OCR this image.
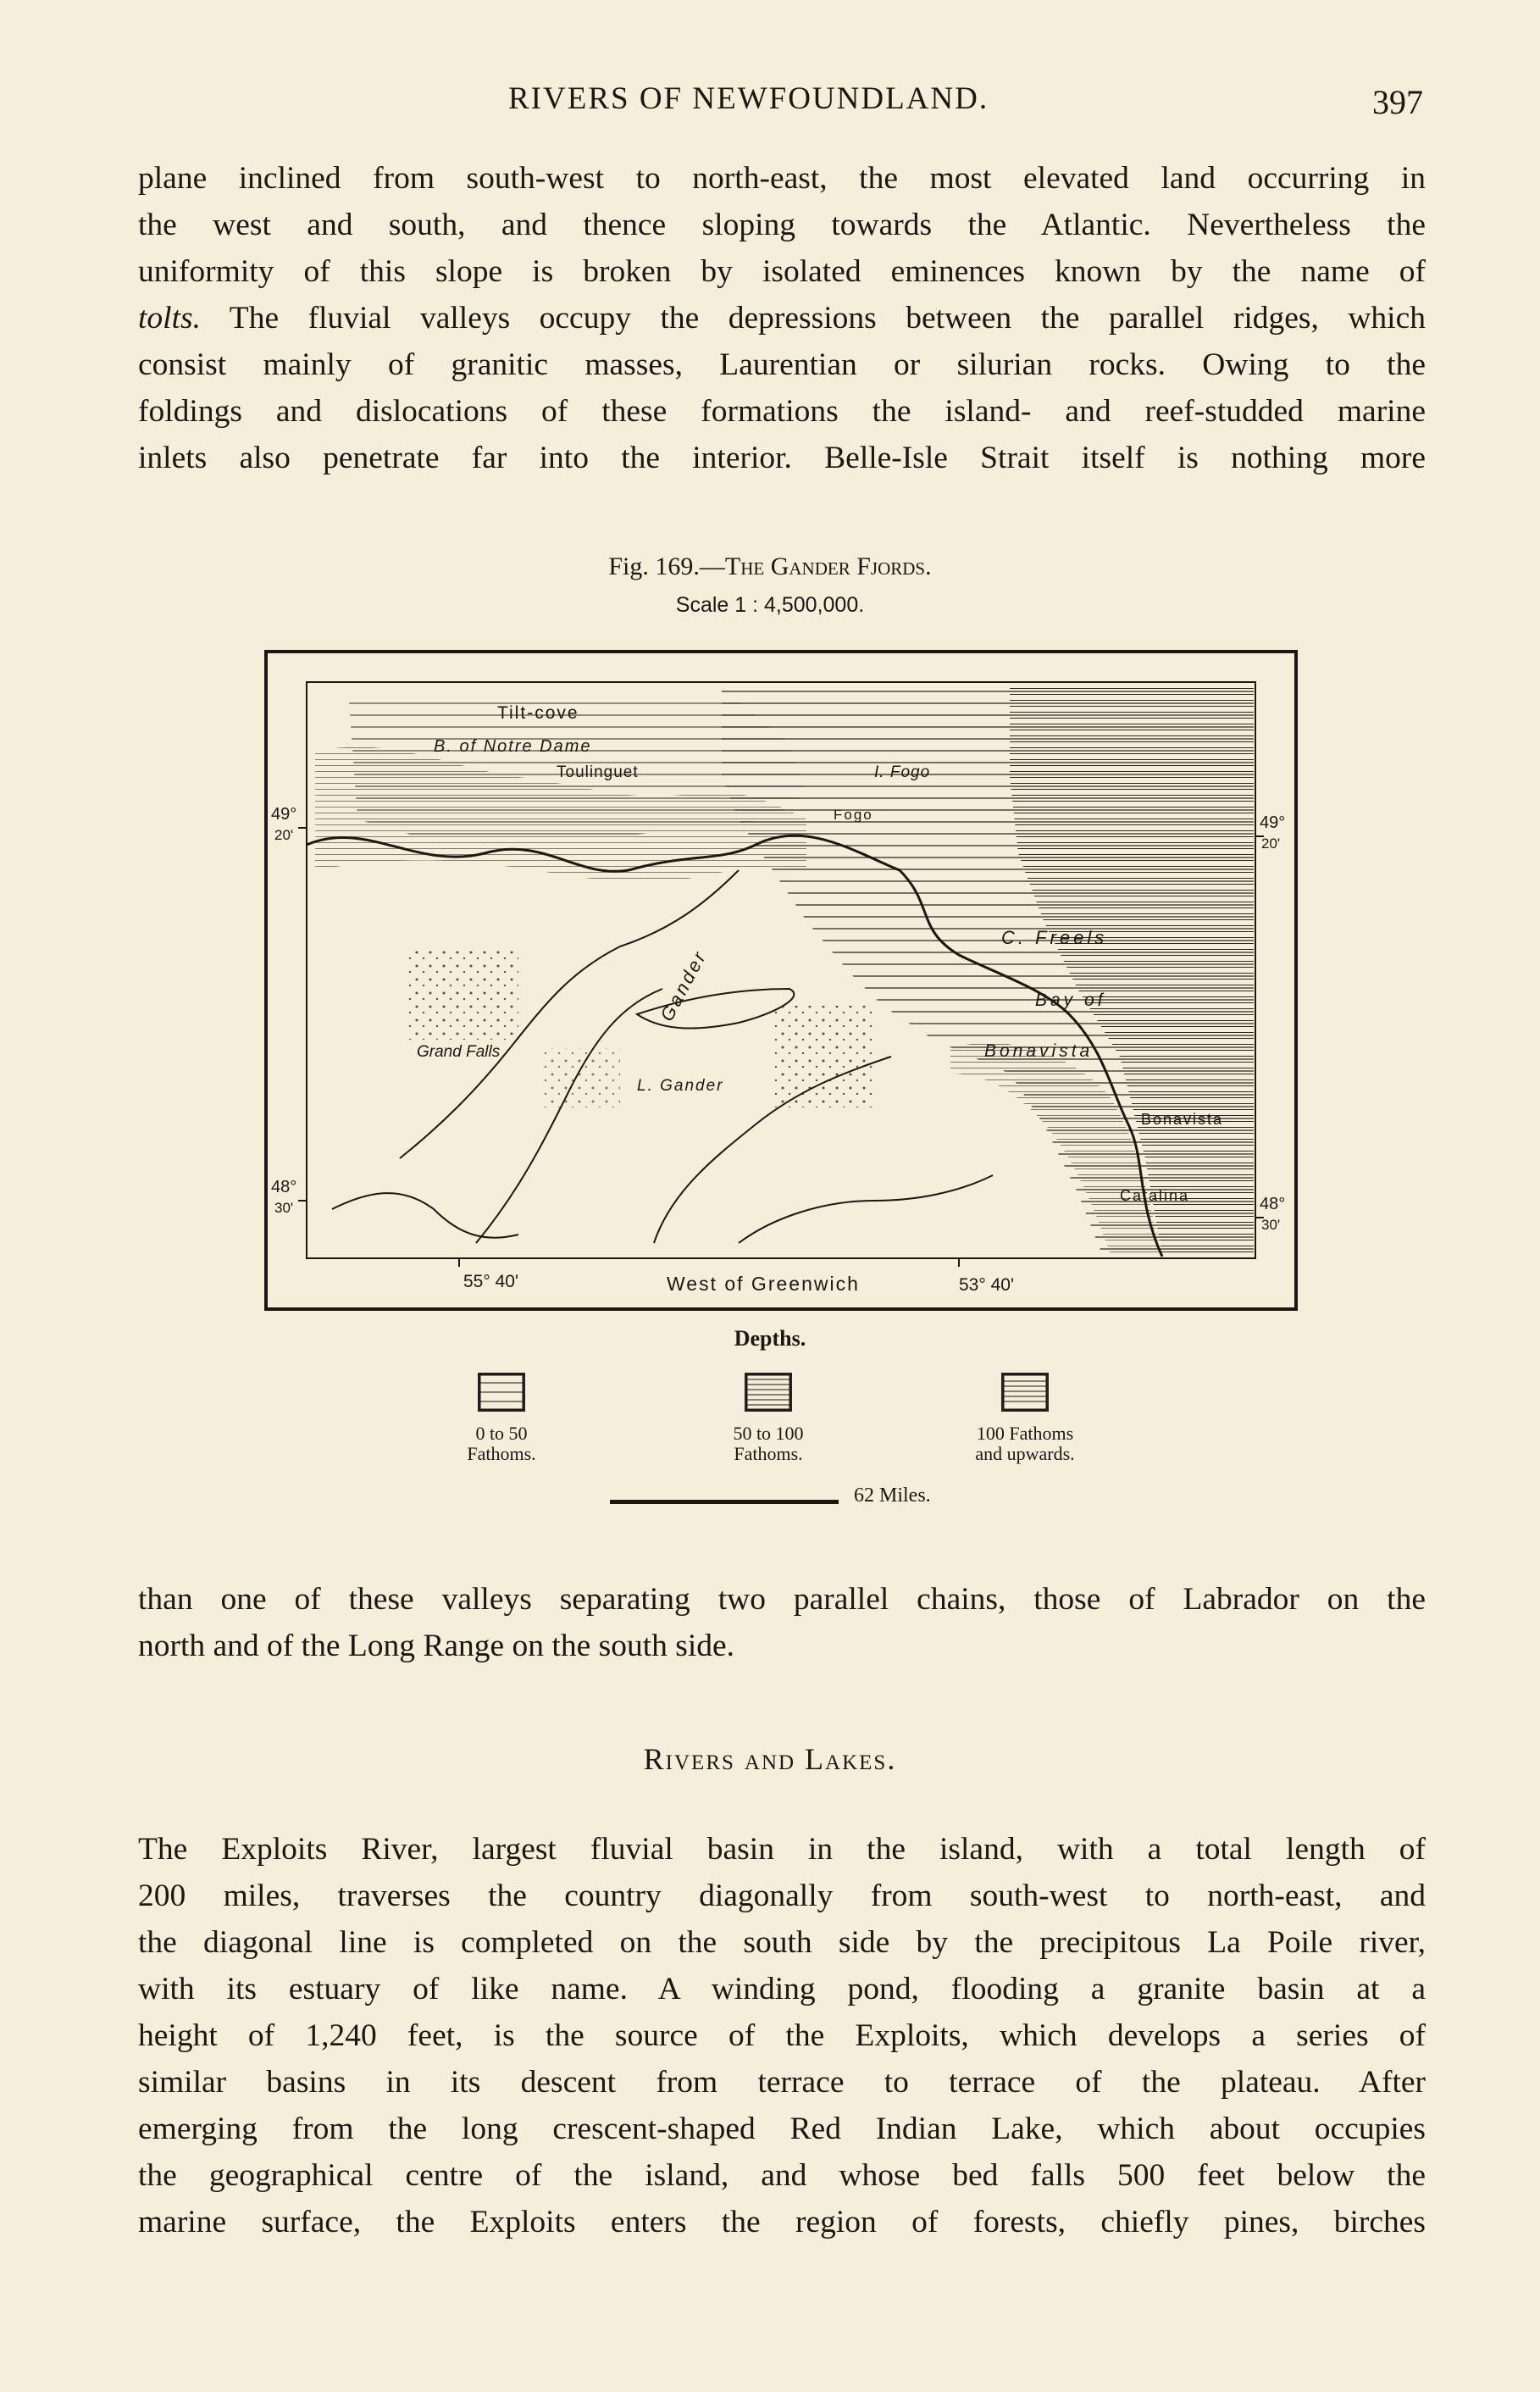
RIVERS OF NEWFOUNDLAND.	397
plane inclined from south-west to north-east, the most elevated land occurring in
the west and south, and thence sloping towards the Atlantic. Nevertheless the
uniformity of this slope is broken by isolated eminences known by the name of
tolts. The fluvial valleys occupy the depressions between the parallel ridges, which
consist mainly of granitic masses, Laurentian or silurian rocks. Owing to the
foldings and dislocations of these formations the island- and reef-studded marine
inlets also penetrate far into the interior. Belle-Isle Strait itself is nothing more
Fig. 169.—The Gander Fjords.
Scale 1 : 4,500,000.
Tilt-cove
B. of Notre Dame
Toulinguet	I. Fogo
Fogo
C. Freels
Gander
Grand Falls
L. Gander
Bay of
Bonavista
Bonavista
Catalina
49°
20'
49°
20'
48°
30'	48°
30'
55° 40'	West of Greenwich	53° 40'
Depths.
0 to 50
Fathoms.
50 to 100
Fathoms.
100 Fathoms
and upwards.
62 Miles.
than one of these valleys separating two parallel chains, those of Labrador on the
north and of the Long Range on the south side.
Rivers and Lakes.
The Exploits River, largest fluvial basin in the island, with a total length of
200 miles, traverses the country diagonally from south-west to north-east, and
the diagonal line is completed on the south side by the precipitous La Poile river,
with its estuary of like name. A winding pond, flooding a granite basin at a
height of 1,240 feet, is the source of the Exploits, which develops a series of
similar basins in its descent from terrace to terrace of the plateau. After
emerging from the long crescent-shaped Red Indian Lake, which about occupies
the geographical centre of the island, and whose bed falls 500 feet below the
marine surface, the Exploits enters the region of forests, chiefly pines, birches
